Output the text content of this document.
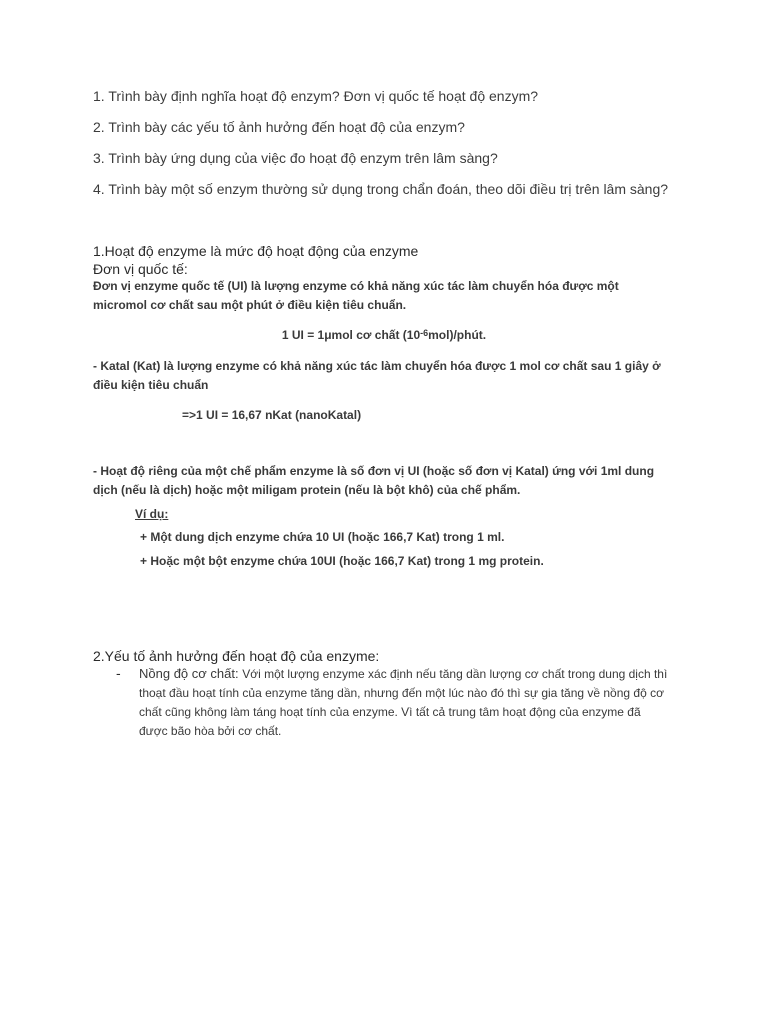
1. Trình bày định nghĩa hoạt độ enzym? Đơn vị quốc tế hoạt độ enzym?
2. Trình bày các yếu tố ảnh hưởng đến hoạt độ của enzym?
3. Trình bày ứng dụng của việc đo hoạt độ enzym trên lâm sàng?
4. Trình bày một số enzym thường sử dụng trong chẩn đoán, theo dõi điều trị trên lâm sàng?
1.Hoạt độ enzyme là mức độ hoạt động của enzyme
Đơn vị quốc tế:
Đơn vị enzyme quốc tế (UI) là lượng enzyme có khả năng xúc tác làm chuyển hóa được một micromol cơ chất sau một phút ở điều kiện tiêu chuẩn.
1 UI = 1μmol cơ chất $(10^{-6}mol)$/phút.
- Katal (Kat) là lượng enzyme có khả năng xúc tác làm chuyển hóa được 1 mol cơ chất sau 1 giây ở điều kiện tiêu chuẩn
=>1 UI = 16,67 nKat (nanoKatal)
- Hoạt độ riêng của một chế phẩm enzyme là số đơn vị UI (hoặc số đơn vị Katal) ứng với 1ml dung dịch (nếu là dịch) hoặc một miligam protein (nếu là bột khô) của chế phẩm.
Ví dụ:
+ Một dung dịch enzyme chứa 10 UI (hoặc 166,7 Kat) trong 1 ml.
+ Hoặc một bột enzyme chứa 10UI (hoặc 166,7 Kat) trong 1 mg protein.
2.Yếu tố ảnh hưởng đến hoạt độ của enzyme:
- Nồng độ cơ chất: Với một lượng enzyme xác định nếu tăng dần lượng cơ chất trong dung dịch thì thoạt đầu hoạt tính của enzyme tăng dần, nhưng đến một lúc nào đó thì sự gia tăng về nồng độ cơ chất cũng không làm táng hoạt tính của enzyme. Vì tất cả trung tâm hoạt động của enzyme đã được bão hòa bởi cơ chất.
